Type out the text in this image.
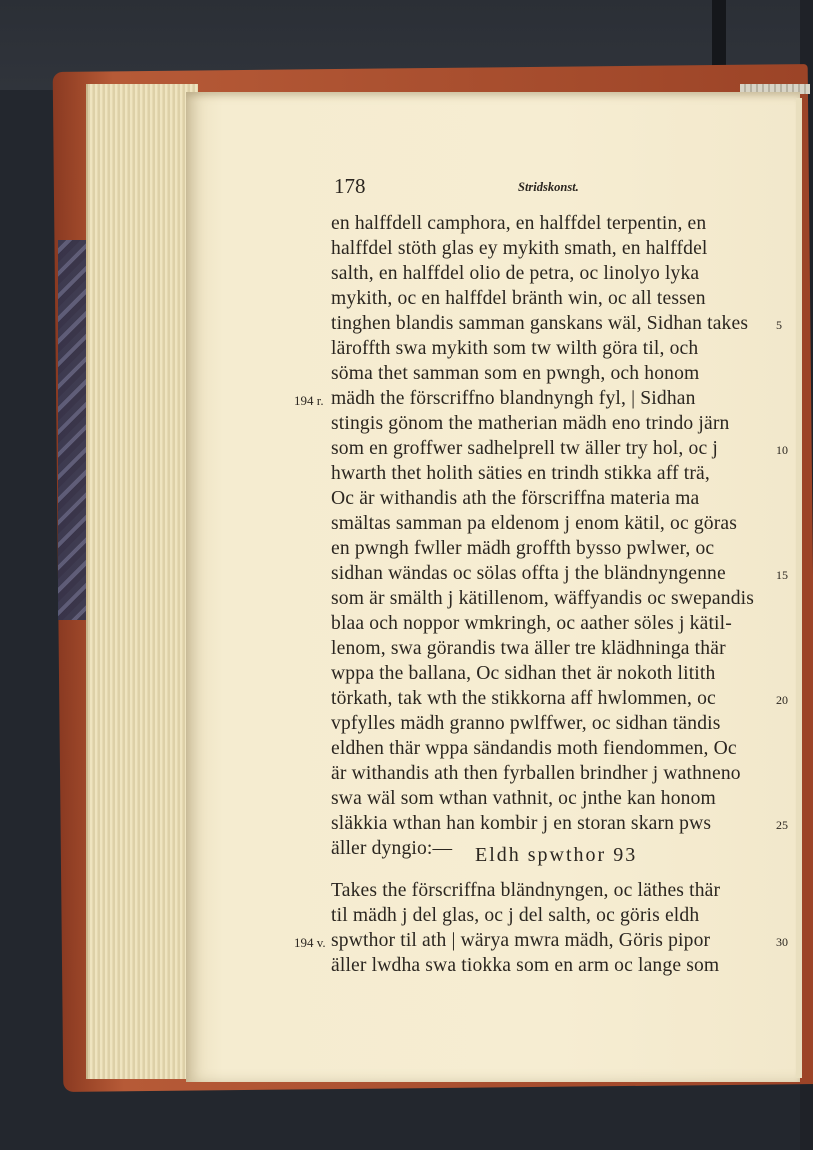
178	Stridskonst.
en halffdell camphora, en halffdel terpentin, en
halffdel stöth glas ey mykith smath, en halffdel
salth, en halffdel olio de petra, oc linolyo lyka
mykith, oc en halffdel bränth win, oc all tessen
tinghen blandis samman ganskans wäl, Sidhan takes
läroffth swa mykith som tw wilth göra til, och
söma thet samman som en pwngh, och honom
mädh the förscriffno blandnyngh fyl, | Sidhan
stingis gönom the matherian mädh eno trindo järn
som en groffwer sadhelprell tw äller try hol, oc j
hwarth thet holith säties en trindh stikka aff trä,
Oc är withandis ath the förscriffna materia ma
smältas samman pa eldenom j enom kätil, oc göras
en pwngh fwller mädh groffth bysso pwlwer, oc
sidhan wändas oc sölas offta j the bländnyngenne
som är smälth j kätillenom, wäffyandis oc swepandis
blaa och noppor wmkringh, oc aather söles j kätil-
lenom, swa görandis twa äller tre klädhninga thär
wppa the ballana, Oc sidhan thet är nokoth litith
törkath, tak wth the stikkorna aff hwlommen, oc
vpfylles mädh granno pwlffwer, oc sidhan tändis
eldhen thär wppa sändandis moth fiendommen, Oc
är withandis ath then fyrballen brindher j wathneno
swa wäl som wthan vathnit, oc jnthe kan honom
släkkia wthan han kombir j en storan skarn pws
äller dyngio:—	Eldh spwthor 93
Takes the förscriffna bländnyngen, oc läthes thär
til mädh j del glas, oc j del salth, oc göris eldh
spwthor til ath | wärya mwra mädh, Göris pipor
äller lwdha swa tiokka som en arm oc lange som
194 r.
194 v.
5
10
15
20
25
30
